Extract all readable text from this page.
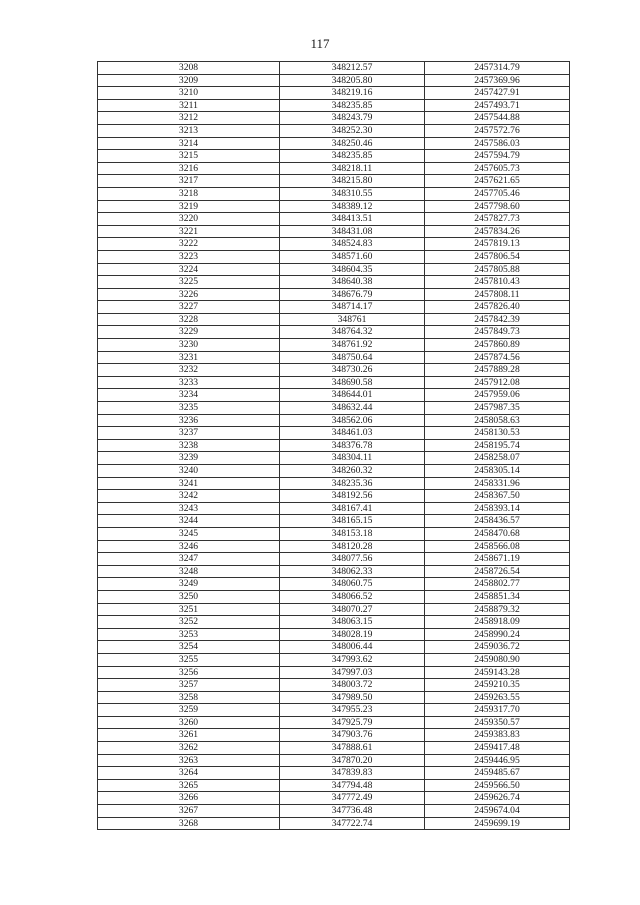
117
3208	348212.57	2457314.79
3209	348205.80	2457369.96
3210	348219.16	2457427.91
3211	348235.85	2457493.71
3212	348243.79	2457544.88
3213	348252.30	2457572.76
3214	348250.46	2457586.03
3215	348235.85	2457594.79
3216	348218.11	2457605.73
3217	348215.80	2457621.65
3218	348310.55	2457705.46
3219	348389.12	2457798.60
3220	348413.51	2457827.73
3221	348431.08	2457834.26
3222	348524.83	2457819.13
3223	348571.60	2457806.54
3224	348604.35	2457805.88
3225	348640.38	2457810.43
3226	348676.79	2457808.11
3227	348714.17	2457826.40
3228	348761	2457842.39
3229	348764.32	2457849.73
3230	348761.92	2457860.89
3231	348750.64	2457874.56
3232	348730.26	2457889.28
3233	348690.58	2457912.08
3234	348644.01	2457959.06
3235	348632.44	2457987.35
3236	348562.06	2458058.63
3237	348461.03	2458130.53
3238	348376.78	2458195.74
3239	348304.11	2458258.07
3240	348260.32	2458305.14
3241	348235.36	2458331.96
3242	348192.56	2458367.50
3243	348167.41	2458393.14
3244	348165.15	2458436.57
3245	348153.18	2458470.68
3246	348120.28	2458566.08
3247	348077.56	2458671.19
3248	348062.33	2458726.54
3249	348060.75	2458802.77
3250	348066.52	2458851.34
3251	348070.27	2458879.32
3252	348063.15	2458918.09
3253	348028.19	2458990.24
3254	348006.44	2459036.72
3255	347993.62	2459080.90
3256	347997.03	2459143.28
3257	348003.72	2459210.35
3258	347989.50	2459263.55
3259	347955.23	2459317.70
3260	347925.79	2459350.57
3261	347903.76	2459383.83
3262	347888.61	2459417.48
3263	347870.20	2459446.95
3264	347839.83	2459485.67
3265	347794.48	2459566.50
3266	347772.49	2459626.74
3267	347736.48	2459674.04
3268	347722.74	2459699.19
